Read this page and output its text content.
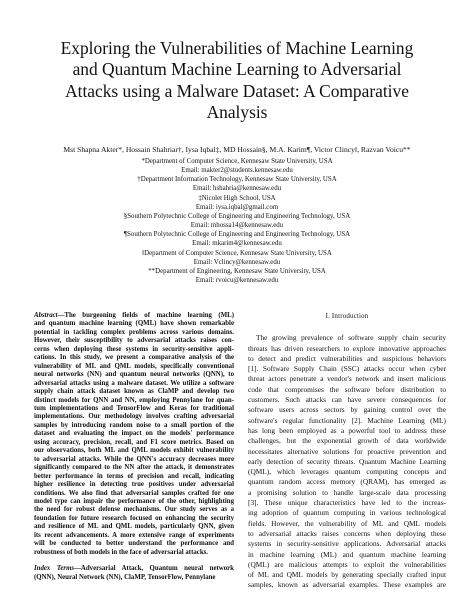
Exploring the Vulnerabilities of Machine Learning
and Quantum Machine Learning to Adversarial
Attacks using a Malware Dataset: A Comparative
Analysis
Mst Shapna Akter*, Hossain Shahriar†, Iysa Iqbal‡, MD Hossain§, M.A. Karim¶, Victor Clincy‖, Razvan Voicu**
*Department of Computer Science, Kennesaw State University, USA
Email: makter2@students.kennesaw.edu
†Department Information Technology, Kennesaw State University, USA
Email: hshahria@kennesaw.edu
‡Nicolet High School, USA
Email: iysa.iqbal@gmail.com
§Southern Polytechnic College of Engineering and Engineering Technology, USA
Email: mhossa14@kennesaw.edu
¶Southern Polytechnic College of Engineering and Engineering Technology, USA
Email: mkarim4@kennesaw.edu
‖Department of Computer Science, Kennesaw State University, USA
Email: Vclincy@kennesaw.edu
**Department of Engineering, Kennesaw State University, USA
Email: rvoicu@kennesaw.edu
Abstract—The burgeoning fields of machine learning (ML)
and quantum machine learning (QML) have shown remarkable
potential in tackling complex problems across various domains.
However, their susceptibility to adversarial attacks raises con-
cerns when deploying these systems in security-sensitive appli-
cations. In this study, we present a comparative analysis of the
vulnerability of ML and QML models, specifically conventional
neural networks (NN) and quantum neural networks (QNN), to
adversarial attacks using a malware dataset. We utilize a software
supply chain attack dataset known as ClaMP and develop two
distinct models for QNN and NN, employing Pennylane for quan-
tum implementations and TensorFlow and Keras for traditional
implementations. Our methodology involves crafting adversarial
samples by introducing random noise to a small portion of the
dataset and evaluating the impact on the models' performance
using accuracy, precision, recall, and F1 score metrics. Based on
our observations, both ML and QML models exhibit vulnerability
to adversarial attacks. While the QNN's accuracy decreases more
significantly compared to the NN after the attack, it demonstrates
better performance in terms of precision and recall, indicating
higher resilience in detecting true positives under adversarial
conditions. We also find that adversarial samples crafted for one
model type can impair the performance of the other, highlighting
the need for robust defense mechanisms. Our study serves as a
foundation for future research focused on enhancing the security
and resilience of ML and QML models, particularly QNN, given
its recent advancements. A more extensive range of experiments
will be conducted to better understand the performance and
robustness of both models in the face of adversarial attacks.
Index Terms—Adversarial Attack, Quantum neural network
(QNN), Neural Network (NN), ClaMP, TensorFlow, Pennylane
I. Introduction
The growing prevalence of software supply chain security
threats has driven researchers to explore innovative approaches
to detect and predict vulnerabilities and suspicious behaviors
[1]. Software Supply Chain (SSC) attacks occur when cyber
threat actors penetrate a vendor's network and insert malicious
code that compromises the software before distribution to
customers. Such attacks can have severe consequences for
software users across sectors by gaining control over the
software's regular functionality [2]. Machine Learning (ML)
has long been employed as a powerful tool to address these
challenges, but the exponential growth of data worldwide
necessitates alternative solutions for proactive prevention and
early detection of security threats. Quantum Machine Learning
(QML), which leverages quantum computing concepts and
quantum random access memory (QRAM), has emerged as
a promising solution to handle large-scale data processing
[3]. These unique characteristics have led to the increas-
ing adoption of quantum computing in various technological
fields. However, the vulnerability of ML and QML models
to adversarial attacks raises concerns when deploying these
systems in security-sensitive applications. Adversarial attacks
in machine learning (ML) and quantum machine learning
(QML) are malicious attempts to exploit the vulnerabilities
of ML and QML models by generating specially crafted input
samples, known as adversarial examples. These examples are
